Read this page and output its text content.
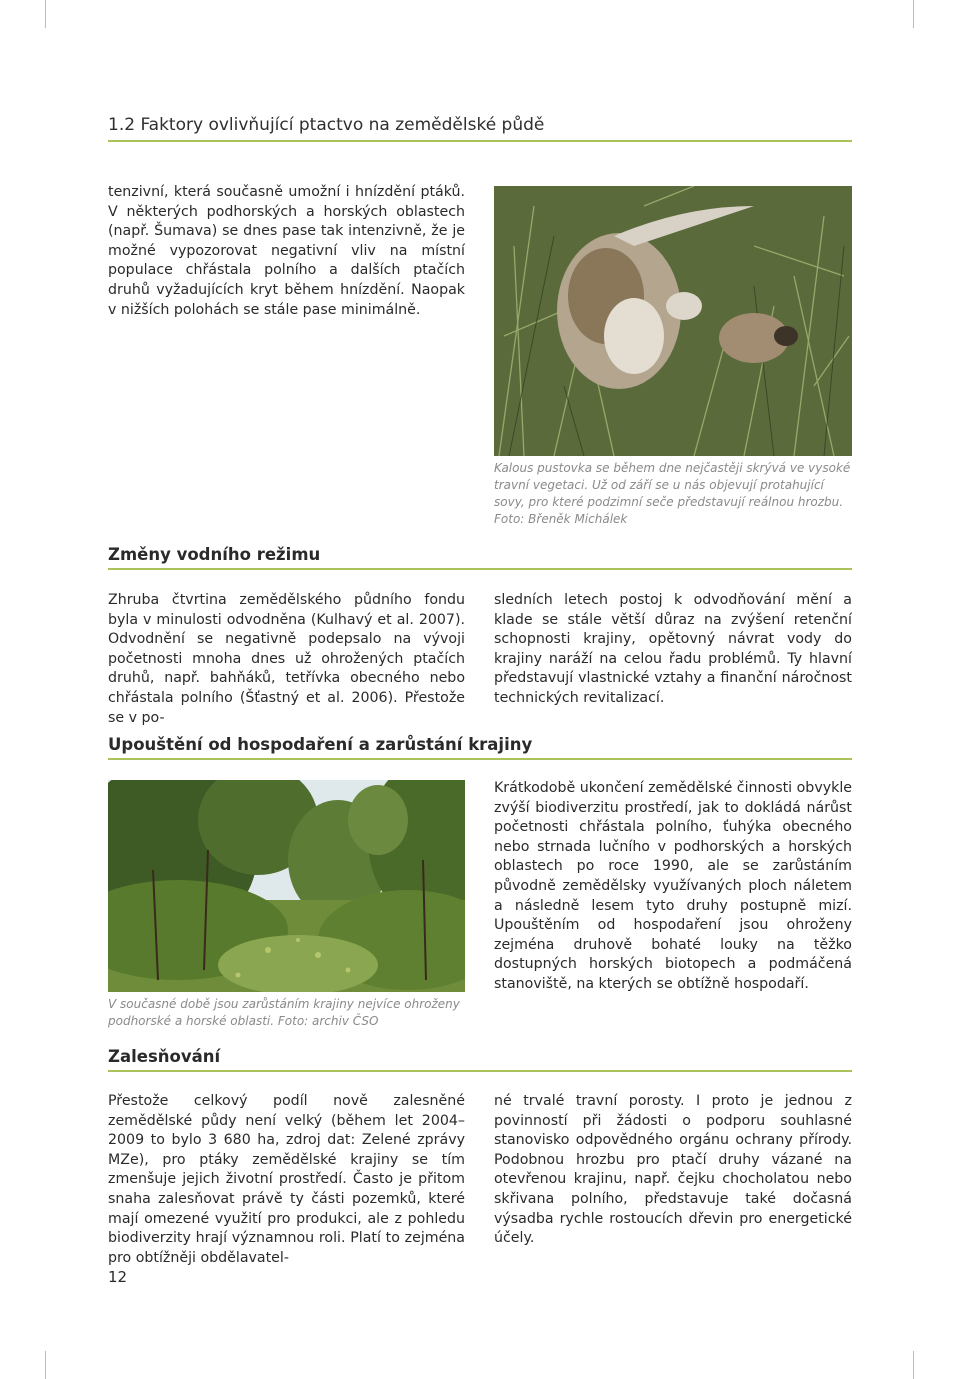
1.2 Faktory ovlivňující ptactvo na zemědělské půdě

tenzivní, která současně umožní i hnízdění ptáků. V některých podhorských a horských oblastech (např. Šumava) se dnes pase tak intenzivně, že je možné vypozorovat negativní vliv na místní populace chřástala polního a dalších ptačích druhů vyžadujících kryt během hnízdění. Naopak v nižších polohách se stále pase minimálně.

Kalous pustovka se během dne nejčastěji skrývá ve vysoké travní vegetaci. Už od září se u nás objevují protahující sovy, pro které podzimní seče představují reálnou hrozbu.
Foto: Břeněk Michálek
Změny vodního režimu

Zhruba čtvrtina zemědělského půdního fondu byla v minulosti odvodněna (Kulhavý et al. 2007). Odvodnění se negativně podepsalo na vývoji početnosti mnoha dnes už ohrožených ptačích druhů, např. bahňáků, tetřívka obecného nebo chřástala polního (Šťastný et al. 2006). Přestože se v po-

sledních letech postoj k odvodňování mění a klade se stále větší důraz na zvýšení retenční schopnosti krajiny, opětovný návrat vody do krajiny naráží na celou řadu problémů. Ty hlavní představují vlastnické vztahy a finanční náročnost technických revitalizací.

Upouštění od hospodaření a zarůstání krajiny
V současné době jsou zarůstáním krajiny nejvíce ohroženy podhorské a horské oblasti. Foto: archiv ČSO

Krátkodobě ukončení zemědělské činnosti obvykle zvýší biodiverzitu prostředí, jak to dokládá nárůst početnosti chřástala polního, ťuhýka obecného nebo strnada lučního v podhorských a horských oblastech po roce 1990, ale se zarůstáním původně zemědělsky využívaných ploch náletem a následně lesem tyto druhy postupně mizí. Upouštěním od hospodaření jsou ohroženy zejména druhově bohaté louky na těžko dostupných horských biotopech a podmáčená stanoviště, na kterých se obtížně hospodaří.

Zalesňování

Přestože celkový podíl nově zalesněné zemědělské půdy není velký (během let 2004–2009 to bylo 3 680 ha, zdroj dat: Zelené zprávy MZe), pro ptáky zemědělské krajiny se tím zmenšuje jejich životní prostředí. Často je přitom snaha zalesňovat právě ty části pozemků, které mají omezené využití pro produkci, ale z pohledu biodiverzity hrají významnou roli. Platí to zejména pro obtížněji obdělavatel-

né trvalé travní porosty. I proto je jednou z povinností při žádosti o podporu souhlasné stanovisko odpovědného orgánu ochrany přírody. Podobnou hrozbu pro ptačí druhy vázané na otevřenou krajinu, např. čejku chocholatou nebo skřivana polního, představuje také dočasná výsadba rychle rostoucích dřevin pro energetické účely.

12
